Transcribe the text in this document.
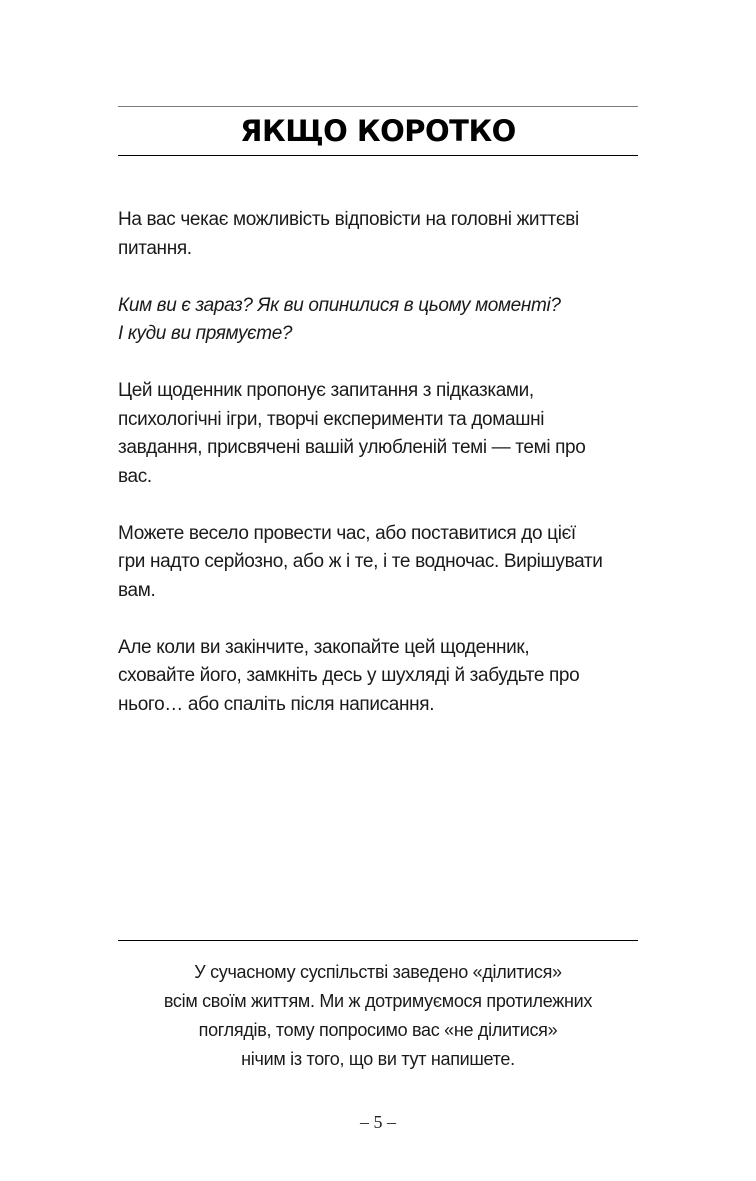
ЯКЩО КОРОТКО

На вас чекає можливість відповісти на головні життєві
питання.

Ким ви є зараз? Як ви опинилися в цьому моменті?
І куди ви прямуєте?

Цей щоденник пропонує запитання з підказками,
психологічні ігри, творчі експерименти та домашні
завдання, присвячені вашій улюбленій темі — темі про
вас.

Можете весело провести час, або поставитися до цієї
гри надто серйозно, або ж і те, і те водночас. Вирішувати
вам.

Але коли ви закінчите, закопайте цей щоденник,
сховайте його, замкніть десь у шухляді й забудьте про
нього… або спаліть після написання.

У сучасному суспільстві заведено «ділитися»
всім своїм життям. Ми ж дотримуємося протилежних
поглядів, тому попросимо вас «не ділитися»
нічим із того, що ви тут напишете.
– 5 –
